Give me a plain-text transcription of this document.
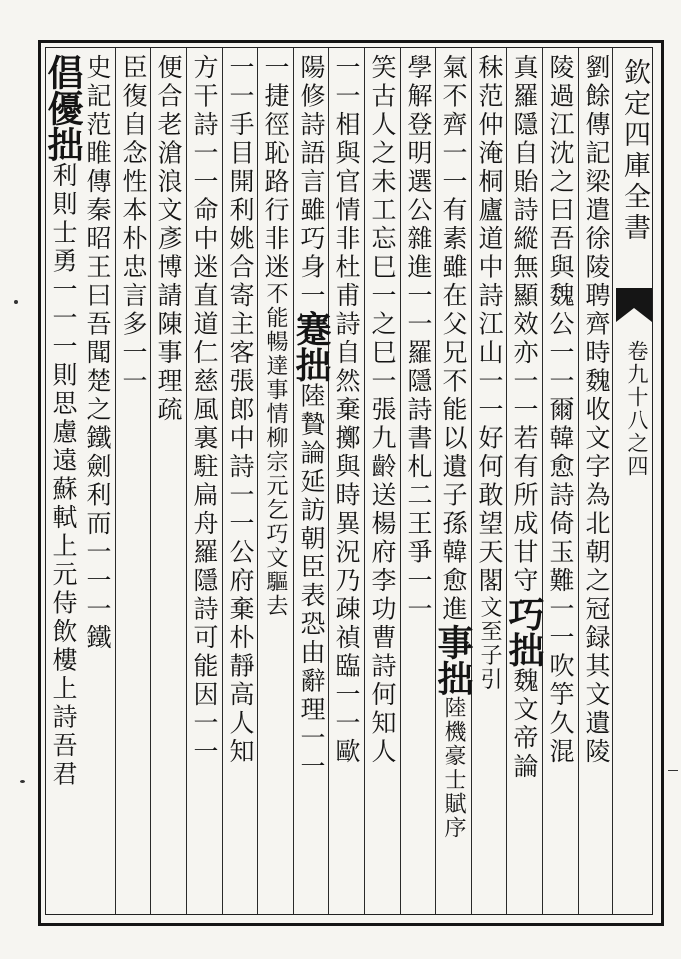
欽定四庫全書
卷九十八之四
劉餘傳記梁遣徐陵聘齊時魏收文字為北朝之冠録其文遺陵
陵過江沈之曰吾與魏公一一爾韓愈詩倚玉難一一吹竽久混
真羅隱自貽詩縱無顯效亦一一若有所成甘守巧拙魏文帝論
秣范仲淹桐廬道中詩江山一一好何敢望天閣文至子引
氣不齊一一有素雖在父兄不能以遺子孫韓愈進事拙陸機豪士賦序
學解登明選公雜進一一羅隱詩書札二王爭一一
笑古人之未工忘巳一之巳一張九齡送楊府李功曹詩何知人
一一相與官情非杜甫詩自然棄擲與時異況乃疎禎臨一一歐
陽修詩語言雖巧身一蹇拙陸贄論延訪朝臣表恐由辭理一一
一捷徑恥路行非迷不能暢達事情柳宗元乞巧文驅去
一一手目開利姚合寄主客張郎中詩一一公府棄朴靜高人知
方干詩一一命中迷直道仁慈風裏駐扁舟羅隱詩可能因一一
便合老滄浪文彥博請陳事理疏
臣復自念性本朴忠言多一一
史記范睢傳秦昭王曰吾聞楚之鐵劍利而一一一鐵
倡優拙利則士勇一一一則思慮遠蘇軾上元侍飲樓上詩吾君
